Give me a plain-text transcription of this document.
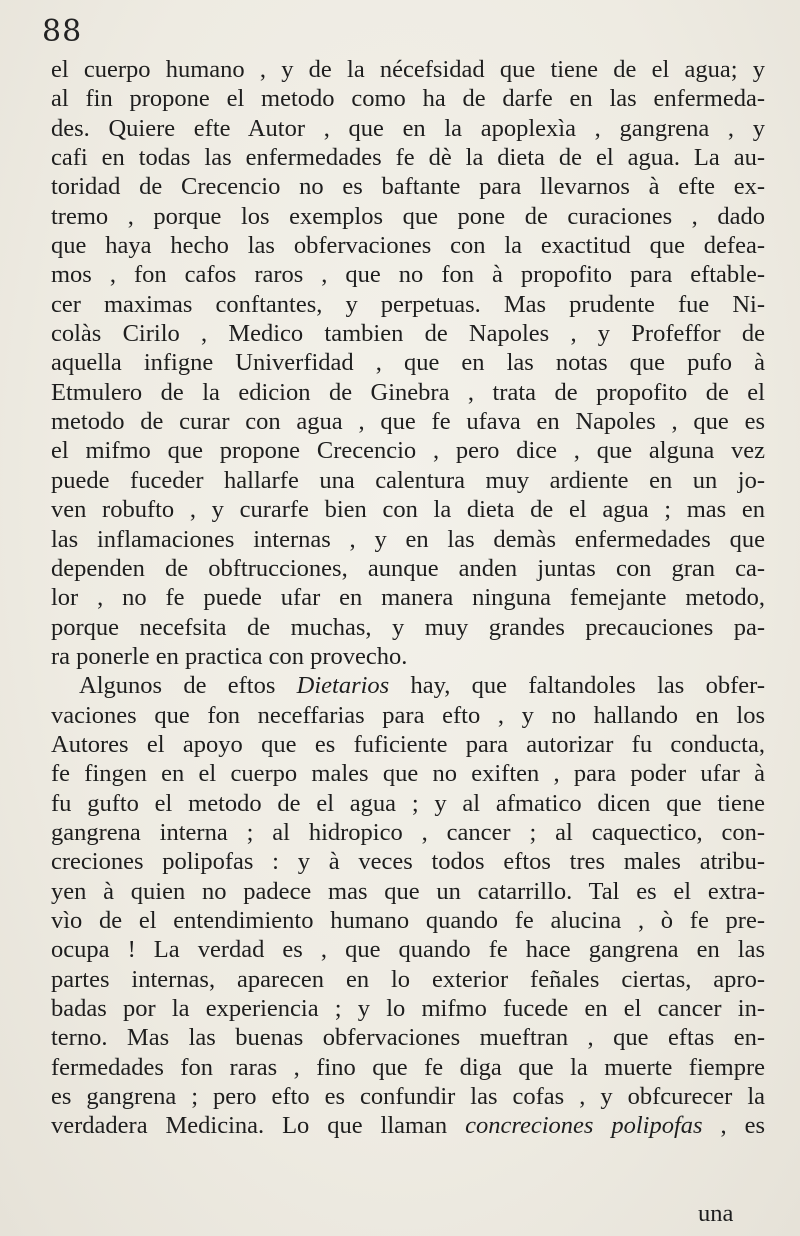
88
el cuerpo humano , y de la nécefsidad que tiene de el agua; y
al fin propone el metodo como ha de darfe en las enfermeda-
des. Quiere efte Autor , que en la apoplexìa , gangrena , y
cafi en todas las enfermedades fe dè la dieta de el agua. La au-
toridad de Crecencio no es baftante para llevarnos à efte ex-
tremo , porque los exemplos que pone de curaciones , dado
que haya hecho las obfervaciones con la exactitud que defea-
mos , fon cafos raros , que no fon à propofito para eftable-
cer maximas conftantes, y perpetuas. Mas prudente fue Ni-
colàs Cirilo , Medico tambien de Napoles , y Profeffor de
aquella infigne Univerfidad , que en las notas que pufo à
Etmulero de la edicion de Ginebra , trata de propofito de el
metodo de curar con agua , que fe ufava en Napoles , que es
el mifmo que propone Crecencio , pero dice , que alguna vez
puede fuceder hallarfe una calentura muy ardiente en un jo-
ven robufto , y curarfe bien con la dieta de el agua ; mas en
las inflamaciones internas , y en las demàs enfermedades que
dependen de obftrucciones, aunque anden juntas con gran ca-
lor , no fe puede ufar en manera ninguna femejante metodo,
porque necefsita de muchas, y muy grandes precauciones pa-
ra ponerle en practica con provecho.
Algunos de eftos Dietarios hay, que faltandoles las obfer-
vaciones que fon neceffarias para efto , y no hallando en los
Autores el apoyo que es fuficiente para autorizar fu conducta,
fe fingen en el cuerpo males que no exiften , para poder ufar à
fu gufto el metodo de el agua ; y al afmatico dicen que tiene
gangrena interna ; al hidropico , cancer ; al caquectico, con-
creciones polipofas : y à veces todos eftos tres males atribu-
yen à quien no padece mas que un catarrillo. Tal es el extra-
vìo de el entendimiento humano quando fe alucina , ò fe pre-
ocupa ! La verdad es , que quando fe hace gangrena en las
partes internas, aparecen en lo exterior feñales ciertas, apro-
badas por la experiencia ; y lo mifmo fucede en el cancer in-
terno. Mas las buenas obfervaciones mueftran , que eftas en-
fermedades fon raras , fino que fe diga que la muerte fiempre
es gangrena ; pero efto es confundir las cofas , y obfcurecer la
verdadera Medicina. Lo que llaman concreciones polipofas , es
una
